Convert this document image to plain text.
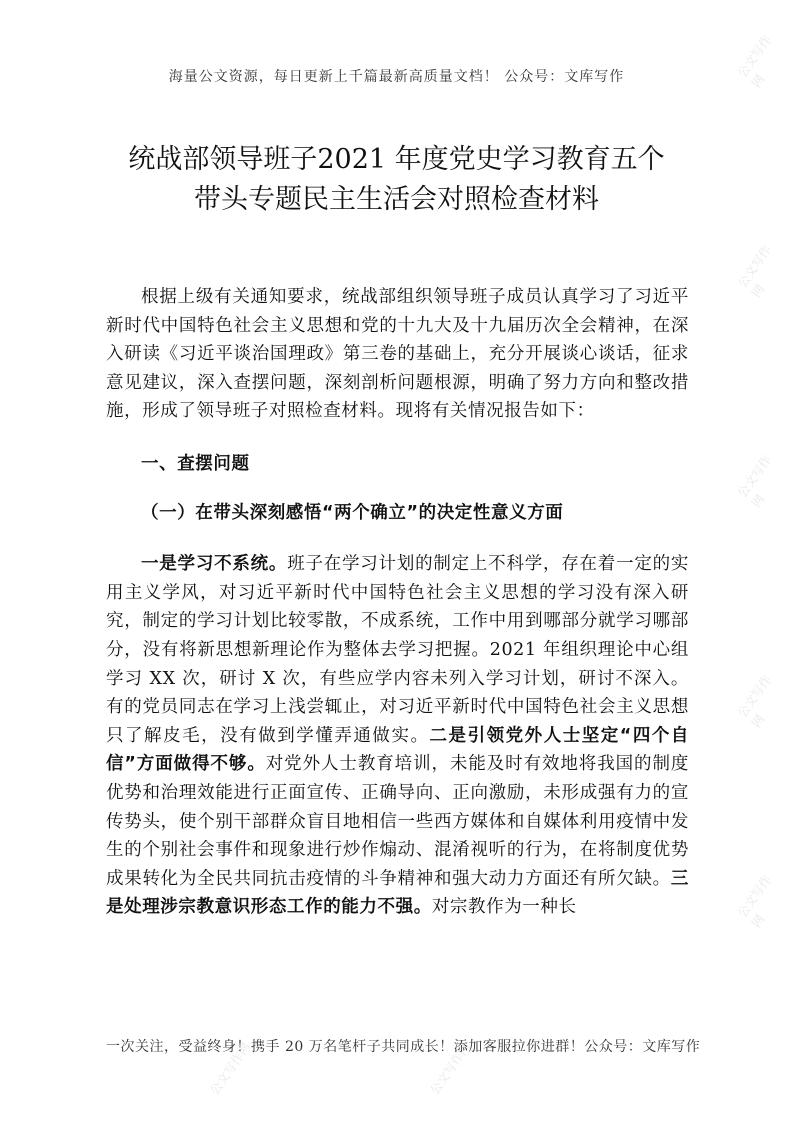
公文写作网
公文写作网
公文写作网
公文写作网
公文写作网
公文写作网	公文写作网
海量公文资源，每日更新上千篇最新高质量文档！ 公众号：文库写作
统战部领导班子2021 年度党史学习教育五个
带头专题民主生活会对照检查材料

根据上级有关通知要求，统战部组织领导班子成员认真学习了习近平新时代中国特色社会主义思想和党的十九大及十九届历次全会精神，在深入研读《习近平谈治国理政》第三卷的基础上，充分开展谈心谈话，征求意见建议，深入查摆问题，深刻剖析问题根源，明确了努力方向和整改措施，形成了领导班子对照检查材料。现将有关情况报告如下：

一、查摆问题

（一）在带头深刻感悟“两个确立”的决定性意义方面

一是学习不系统。班子在学习计划的制定上不科学，存在着一定的实用主义学风，对习近平新时代中国特色社会主义思想的学习没有深入研究，制定的学习计划比较零散，不成系统，工作中用到哪部分就学习哪部分，没有将新思想新理论作为整体去学习把握。2021 年组织理论中心组学习 XX 次，研讨 X 次，有些应学内容未列入学习计划，研讨不深入。有的党员同志在学习上浅尝辄止，对习近平新时代中国特色社会主义思想只了解皮毛，没有做到学懂弄通做实。二是引领党外人士坚定“四个自信”方面做得不够。对党外人士教育培训，未能及时有效地将我国的制度优势和治理效能进行正面宣传、正确导向、正向激励，未形成强有力的宣传势头，使个别干部群众盲目地相信一些西方媒体和自媒体利用疫情中发生的个别社会事件和现象进行炒作煽动、混淆视听的行为，在将制度优势成果转化为全民共同抗击疫情的斗争精神和强大动力方面还有所欠缺。三是处理涉宗教意识形态工作的能力不强。对宗教作为一种长

一次关注，受益终身！携手 20 万名笔杆子共同成长！添加客服拉你进群！公众号：文库写作
